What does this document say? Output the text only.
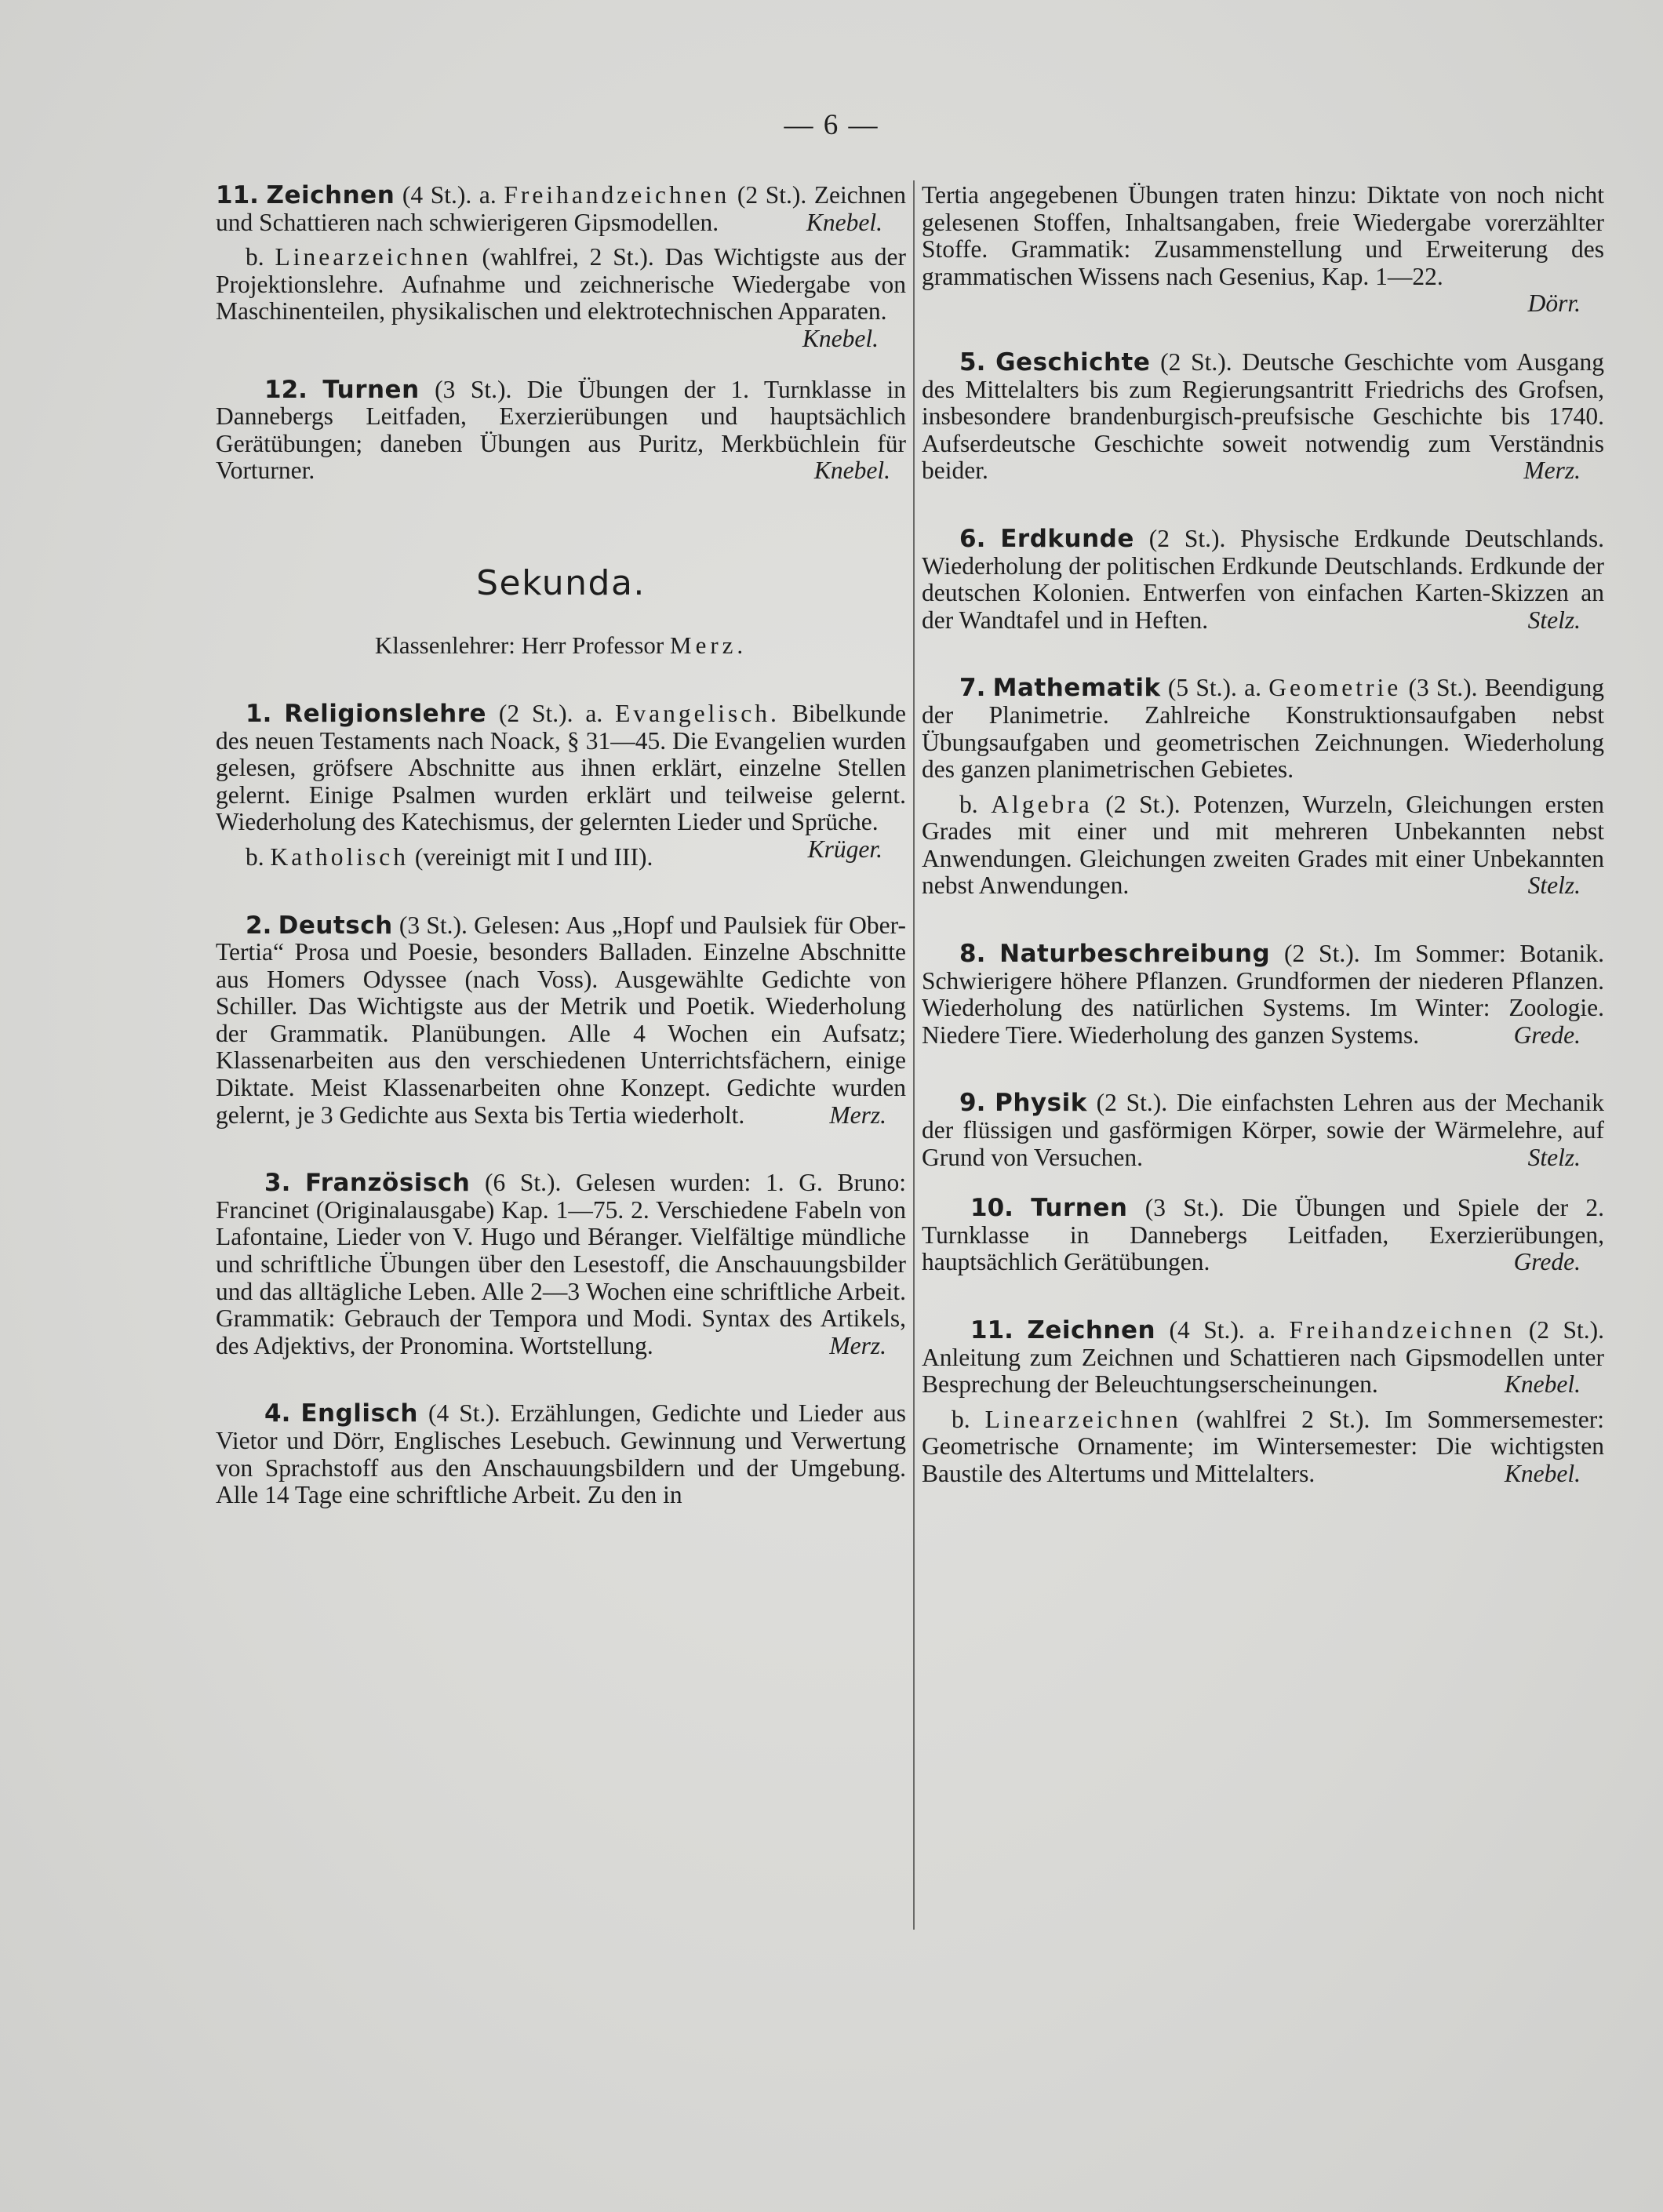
— 6 —

11. Zeichnen (4 St.). a. Freihandzeichnen (2 St.). Zeichnen und Schattieren nach schwierigeren Gipsmodellen.	Knebel.

b. Linearzeichnen (wahlfrei, 2 St.). Das Wichtigste aus der Projektionslehre. Aufnahme und zeichnerische Wiedergabe von Maschinenteilen, physikalischen und elektrotechnischen Apparaten.
Knebel.

12. Turnen (3 St.). Die Übungen der 1. Turnklasse in Dannebergs Leitfaden, Exerzierübungen und hauptsächlich Gerätübungen; daneben Übungen aus Puritz, Merkbüchlein für Vorturner.	Knebel.

Sekunda.

Klassenlehrer: Herr Professor Merz.

1. Religionslehre (2 St.). a. Evangelisch. Bibelkunde des neuen Testaments nach Noack, § 31—45. Die Evangelien wurden gelesen, gröfsere Abschnitte aus ihnen erklärt, einzelne Stellen gelernt. Einige Psalmen wurden erklärt und teilweise gelernt. Wiederholung des Katechismus, der gelernten Lieder und Sprüche.
Krüger.

b. Katholisch (vereinigt mit I und III).

2. Deutsch (3 St.). Gelesen: Aus „Hopf und Paulsiek für Ober-Tertia“ Prosa und Poesie, besonders Balladen. Einzelne Abschnitte aus Homers Odyssee (nach Voss). Ausgewählte Gedichte von Schiller. Das Wichtigste aus der Metrik und Poetik. Wiederholung der Grammatik. Planübungen. Alle 4 Wochen ein Aufsatz; Klassenarbeiten aus den verschiedenen Unterrichtsfächern, einige Diktate. Meist Klassenarbeiten ohne Konzept. Gedichte wurden gelernt, je 3 Gedichte aus Sexta bis Tertia wiederholt.	Merz.

3. Französisch (6 St.). Gelesen wurden: 1. G. Bruno: Francinet (Originalausgabe) Kap. 1—75. 2. Verschiedene Fabeln von Lafontaine, Lieder von V. Hugo und Béranger. Vielfältige mündliche und schriftliche Übungen über den Lesestoff, die Anschauungsbilder und das alltägliche Leben. Alle 2—3 Wochen eine schriftliche Arbeit. Grammatik: Gebrauch der Tempora und Modi. Syntax des Artikels, des Adjektivs, der Pronomina. Wortstellung.	Merz.

4. Englisch (4 St.). Erzählungen, Gedichte und Lieder aus Vietor und Dörr, Englisches Lesebuch. Gewinnung und Verwertung von Sprachstoff aus den Anschauungsbildern und der Umgebung. Alle 14 Tage eine schriftliche Arbeit. Zu den in

Tertia angegebenen Übungen traten hinzu: Diktate von noch nicht gelesenen Stoffen, Inhaltsangaben, freie Wiedergabe vorerzählter Stoffe. Grammatik: Zusammenstellung und Erweiterung des grammatischen Wissens nach Gesenius, Kap. 1—22.
Dörr.

5. Geschichte (2 St.). Deutsche Geschichte vom Ausgang des Mittelalters bis zum Regierungsantritt Friedrichs des Grofsen, insbesondere brandenburgisch-preufsische Geschichte bis 1740. Aufserdeutsche Geschichte soweit notwendig zum Verständnis beider.	Merz.

6. Erdkunde (2 St.). Physische Erdkunde Deutschlands. Wiederholung der politischen Erdkunde Deutschlands. Erdkunde der deutschen Kolonien. Entwerfen von einfachen Karten-Skizzen an der Wandtafel und in Heften.	Stelz.

7. Mathematik (5 St.). a. Geometrie (3 St.). Beendigung der Planimetrie. Zahlreiche Konstruktionsaufgaben nebst Übungsaufgaben und geometrischen Zeichnungen. Wiederholung des ganzen planimetrischen Gebietes.

b. Algebra (2 St.). Potenzen, Wurzeln, Gleichungen ersten Grades mit einer und mit mehreren Unbekannten nebst Anwendungen. Gleichungen zweiten Grades mit einer Unbekannten nebst Anwendungen.	Stelz.

8. Naturbeschreibung (2 St.). Im Sommer: Botanik. Schwierigere höhere Pflanzen. Grundformen der niederen Pflanzen. Wiederholung des natürlichen Systems. Im Winter: Zoologie. Niedere Tiere. Wiederholung des ganzen Systems.	Grede.

9. Physik (2 St.). Die einfachsten Lehren aus der Mechanik der flüssigen und gasförmigen Körper, sowie der Wärmelehre, auf Grund von Versuchen.	Stelz.

10. Turnen (3 St.). Die Übungen und Spiele der 2. Turnklasse in Dannebergs Leitfaden, Exerzierübungen, hauptsächlich Gerätübungen.	Grede.

11. Zeichnen (4 St.). a. Freihandzeichnen (2 St.). Anleitung zum Zeichnen und Schattieren nach Gipsmodellen unter Besprechung der Beleuchtungserscheinungen.	Knebel.

b. Linearzeichnen (wahlfrei 2 St.). Im Sommersemester: Geometrische Ornamente; im Wintersemester: Die wichtigsten Baustile des Altertums und Mittelalters.	Knebel.
